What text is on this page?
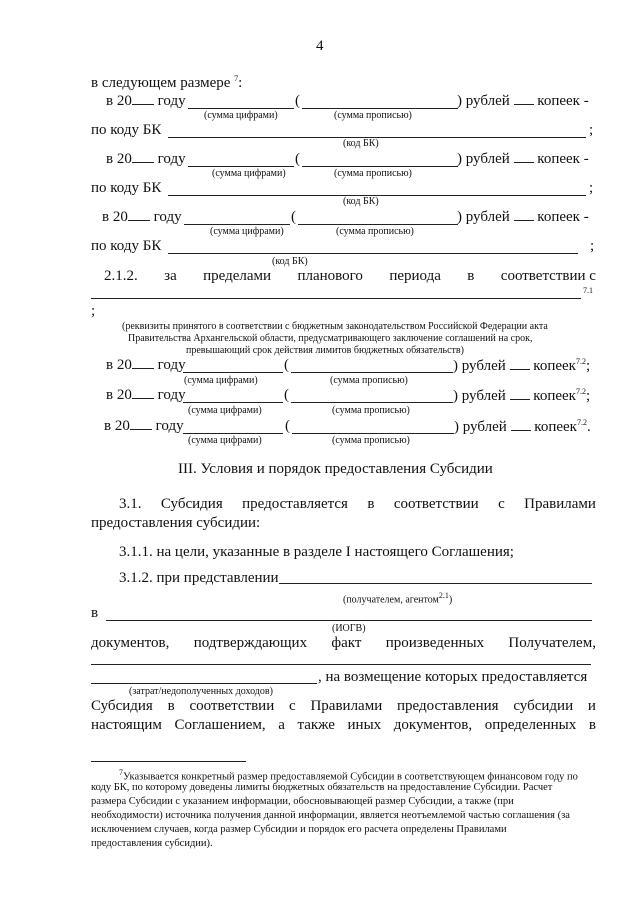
4
в следующем размере $^7$:
в 20 году	(	) рублей копеек -
(сумма цифрами)	(сумма прописью)
по коду БК	;
(код БК)
в 20 году	(	) рублей копеек -
(сумма цифрами)	(сумма прописью)
по коду БК	;
(код БК)
в 20 году	(	) рублей копеек -
(сумма цифрами)	(сумма прописью)
по коду БК	;
(код БК)
2.1.2. за пределами планового периода в соответствии с
7.1
;
(реквизиты принятого в соответствии с бюджетным законодательством Российской Федерации акта
Правительства Архангельской области, предусматривающего заключение соглашений на срок,
превышающий срок действия лимитов бюджетных обязательств)
в 20 году	(	) рублей копеек$^{7.2}$;
(сумма цифрами)	(сумма прописью)
в 20 году	(	) рублей копеек$^{7.2}$;
(сумма цифрами)	(сумма прописью)
в 20 году	(	) рублей копеек$^{7.2}$.
(сумма цифрами)	(сумма прописью)
III. Условия и порядок предоставления Субсидии
3.1. Субсидия предоставляется в соответствии с Правилами
предоставления субсидии:
3.1.1. на цели, указанные в разделе I настоящего Соглашения;
3.1.2. при представлении
(получателем, агентом$^{2.1}$)
в
(ИОГВ)
документов, подтверждающих факт произведенных Получателем,
, на возмещение которых предоставляется
(затрат/недополученных доходов)
Субсидия в соответствии с Правилами предоставления субсидии и
настоящим Соглашением, а также иных документов, определенных в
$^7$Указывается конкретный размер предоставляемой Субсидии в соответствующем финансовом году по
коду БК, по которому доведены лимиты бюджетных обязательств на предоставление Субсидии. Расчет
размера Субсидии с указанием информации, обосновывающей размер Субсидии, а также (при
необходимости) источника получения данной информации, является неотъемлемой частью соглашения (за
исключением случаев, когда размер Субсидии и порядок его расчета определены Правилами
предоставления субсидии).
